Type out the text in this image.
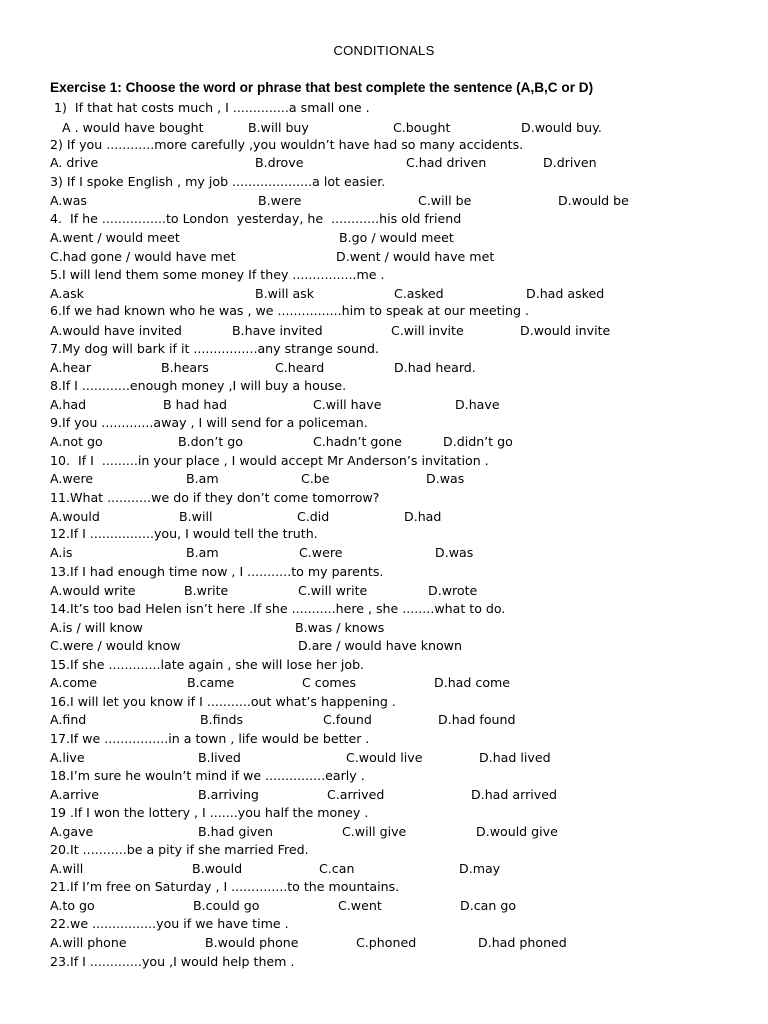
CONDITIONALS
Exercise 1: Choose the word or phrase that best complete the sentence (A,B,C or D)
1)  If that hat costs much , I ..............a small one .
A . would have bought	B.will buy	C.bought	D.would buy.
2) If you ............more carefully ,you wouldn’t have had so many accidents.
A. drive	B.drove	C.had driven	D.driven
3) If I spoke English , my job ....................a lot easier.
A.was	B.were	C.will be	D.would be
4.  If he ................to London  yesterday, he  ............his old friend
A.went / would meet	B.go / would meet
C.had gone / would have met	D.went / would have met
5.I will lend them some money If they ................me .
A.ask	B.will ask	C.asked	D.had asked
6.If we had known who he was , we ................him to speak at our meeting .
A.would have invited	B.have invited	C.will invite	D.would invite
7.My dog will bark if it ................any strange sound.
A.hear	B.hears	C.heard	D.had heard.
8.If I ............enough money ,I will buy a house.
A.had	B had had	C.will have	D.have
9.If you .............away , I will send for a policeman.
A.not go	B.don’t go	C.hadn’t gone	D.didn’t go
10.  If I  .........in your place , I would accept Mr Anderson’s invitation .
A.were	B.am	C.be	D.was
11.What ...........we do if they don’t come tomorrow?
A.would	B.will	C.did	D.had
12.If I ................you, I would tell the truth.
A.is	B.am	C.were	D.was
13.If I had enough time now , I ...........to my parents.
A.would write	B.write	C.will write	D.wrote
14.It’s too bad Helen isn’t here .If she ...........here , she ........what to do.
A.is / will know	B.was / knows
C.were / would know	D.are / would have known
15.If she .............late again , she will lose her job.
A.come	B.came	C comes	D.had come
16.I will let you know if I ...........out what’s happening .
A.find	B.finds	C.found	D.had found
17.If we ................in a town , life would be better .
A.live	B.lived	C.would live	D.had lived
18.I’m sure he wouln’t mind if we ...............early .
A.arrive	B.arriving	C.arrived	D.had arrived
19 .If I won the lottery , I .......you half the money .
A.gave	B.had given	C.will give	D.would give
20.It ...........be a pity if she married Fred.
A.will	B.would	C.can	D.may
21.If I’m free on Saturday , I ..............to the mountains.
A.to go	B.could go	C.went	D.can go
22.we ................you if we have time .
A.will phone	B.would phone	C.phoned	D.had phoned
23.If I .............you ,I would help them .
